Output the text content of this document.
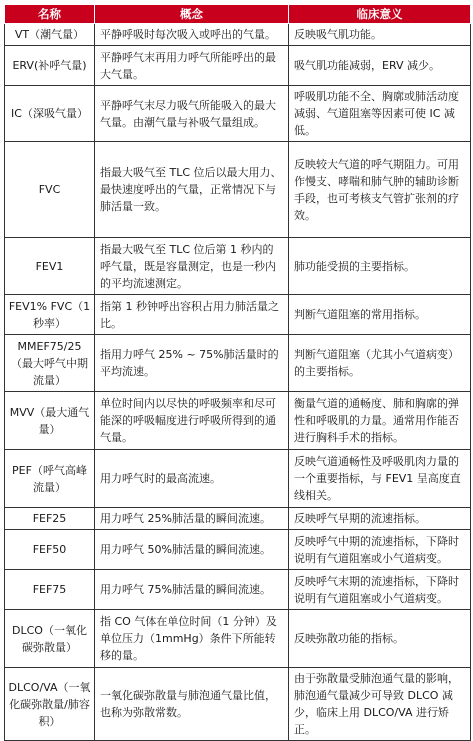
名称	概念	临床意义
VT（潮气量）	平静呼吸时每次吸入或呼出的气量。	反映吸气肌功能。
ERV(补呼气量)	平静呼气末再用力呼气所能呼出的最大气量。	吸气肌功能减弱，ERV 减少。
IC（深吸气量）	平静呼气末尽力吸气所能吸入的最大气量。由潮气量与补吸气量组成。	呼吸肌功能不全、胸廓或肺活动度减弱、气道阻塞等因素可使 IC 减低。
FVC	指最大吸气至 TLC 位后以最大用力、最快速度呼出的气量，正常情况下与肺活量一致。	反映较大气道的呼气期阻力。可用作慢支、哮喘和肺气肿的辅助诊断手段，也可考核支气管扩张剂的疗效。
FEV1	指最大吸气至 TLC 位后第 1 秒内的呼气量，既是容量测定，也是一秒内的平均流速测定。	肺功能受损的主要指标。
FEV1% FVC（1 秒率）	指第 1 秒钟呼出容积占用力肺活量之比。	判断气道阻塞的常用指标。
MMEF75/25（最大呼气中期流量）	指用力呼气 25% ~ 75%肺活量时的平均流速。	判断气道阻塞（尤其小气道病变）的主要指标。
MVV（最大通气量）	单位时间内以尽快的呼吸频率和尽可能深的呼吸幅度进行呼吸所得到的通气量。	衡量气道的通畅度、肺和胸廓的弹性和呼吸肌的力量。通常用作能否进行胸科手术的指标。
PEF（呼气高峰流量）	用力呼气时的最高流速。	反映气道通畅性及呼吸肌肉力量的一个重要指标，与 FEV1 呈高度直线相关。
FEF25	用力呼气 25%肺活量的瞬间流速。	反映呼气早期的流速指标。
FEF50	用力呼气 50%肺活量的瞬间流速。	反映呼气中期的流速指标，下降时说明有气道阻塞或小气道病变。
FEF75	用力呼气 75%肺活量的瞬间流速。	反映呼气末期的流速指标，下降时说明有气道阻塞或小气道病变。
DLCO（一氧化碳弥散量）	指 CO 气体在单位时间（1 分钟）及单位压力（1mmHg）条件下所能转移的量。	反映弥散功能的指标。
DLCO/VA（一氧化碳弥散量/肺容积）	一氧化碳弥散量与肺泡通气量比值，也称为弥散常数。	由于弥散量受肺泡通气量的影响，肺泡通气量减少可导致 DLCO 减少，临床上用 DLCO/VA 进行矫正。
